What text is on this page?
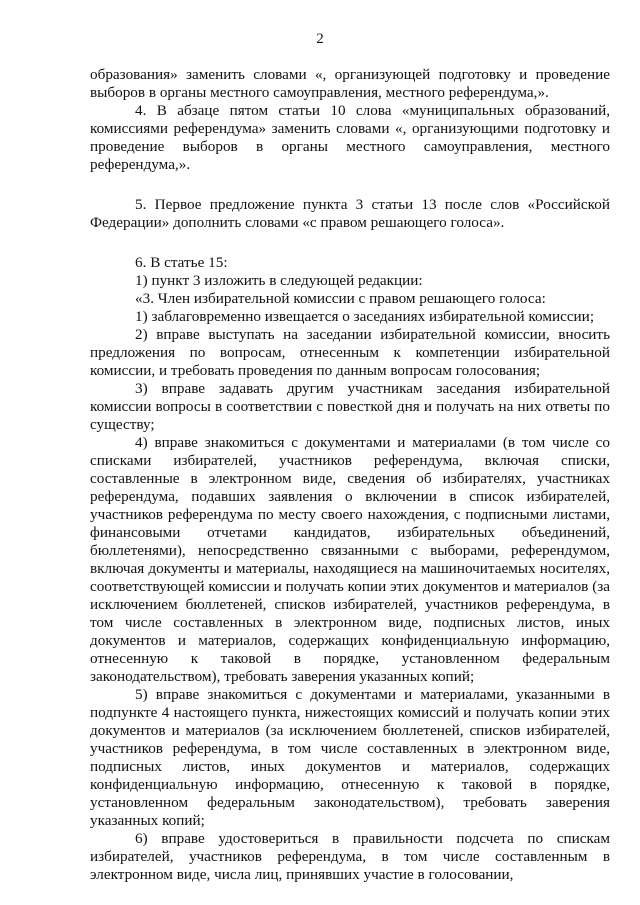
2

образования» заменить словами «, организующей подготовку и проведение выборов в органы местного самоуправления, местного референдума,».

4. В абзаце пятом статьи 10 слова «муниципальных образований, комиссиями референдума» заменить словами «, организующими подготовку и проведение выборов в органы местного самоуправления, местного референдума,».

5. Первое предложение пункта 3 статьи 13 после слов «Российской Федерации» дополнить словами «с правом решающего голоса».

6. В статье 15:

1) пункт 3 изложить в следующей редакции:

«3. Член избирательной комиссии с правом решающего голоса:

1) заблаговременно извещается о заседаниях избирательной комиссии;

2) вправе выступать на заседании избирательной комиссии, вносить предложения по вопросам, отнесенным к компетенции избирательной комиссии, и требовать проведения по данным вопросам голосования;

3) вправе задавать другим участникам заседания избирательной комиссии вопросы в соответствии с повесткой дня и получать на них ответы по существу;

4) вправе знакомиться с документами и материалами (в том числе со списками избирателей, участников референдума, включая списки, составленные в электронном виде, сведения об избирателях, участниках референдума, подавших заявления о включении в список избирателей, участников референдума по месту своего нахождения, с подписными листами, финансовыми отчетами кандидатов, избирательных объединений, бюллетенями), непосредственно связанными с выборами, референдумом, включая документы и материалы, находящиеся на машиночитаемых носителях, соответствующей комиссии и получать копии этих документов и материалов (за исключением бюллетеней, списков избирателей, участников референдума, в том числе составленных в электронном виде, подписных листов, иных документов и материалов, содержащих конфиденциальную информацию, отнесенную к таковой в порядке, установленном федеральным законодательством), требовать заверения указанных копий;

5) вправе знакомиться с документами и материалами, указанными в подпункте 4 настоящего пункта, нижестоящих комиссий и получать копии этих документов и материалов (за исключением бюллетеней, списков избирателей, участников референдума, в том числе составленных в электронном виде, подписных листов, иных документов и материалов, содержащих конфиденциальную информацию, отнесенную к таковой в порядке, установленном федеральным законодательством), требовать заверения указанных копий;

6) вправе удостовериться в правильности подсчета по спискам избирателей, участников референдума, в том числе составленным в электронном виде, числа лиц, принявших участие в голосовании,
